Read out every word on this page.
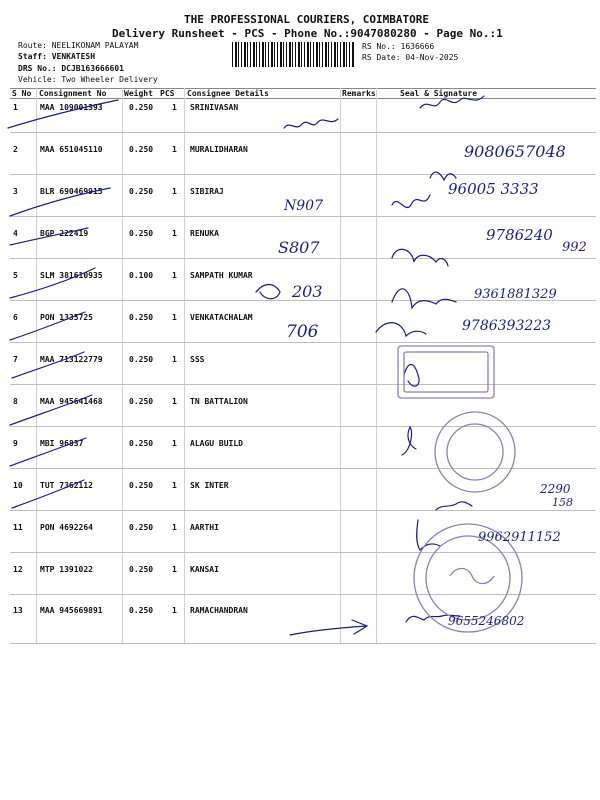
THE PROFESSIONAL COURIERS, COIMBATORE
Delivery Runsheet - PCS - Phone No.:9047080280 - Page No.:1
Route: NEELIKONAM PALAYAM
Staff: VENKATESH
DRS No.: DCJB163666601
Vehicle: Two Wheeler Delivery
RS No.: 1636666
RS Date: 04-Nov-2025
S No Consignment No Weight PCS Consignee Details	Remarks	Seal & Signature
1	MAA 109001393	0.250 1 SRINIVASAN
2	MAA 651045110	0.250 1 MURALIDHARAN
3	BLR 690469915	0.250 1 SIBIRAJ
4	BGP 222419	0.250 1 RENUKA
5	SLM 381610935	0.100 1 SAMPATH KUMAR
6	PON 1335725	0.250 1 VENKATACHALAM
7	MAA 713122779	0.250 1 SSS
8	MAA 945641468	0.250 1 TN BATTALION
9	MBI 96837	0.250 1 ALAGU BUILD
10 TUT 7362112	0.250 1 SK INTER
11 PON 4692264	0.250 1 AARTHI
12 MTP 1391022	0.250 1 KANSAI
13 MAA 945669891	0.250 1 RAMACHANDRAN
9080657048
96005 3333
N907
S807
9786240
992
203	9361881329
706	9786393223
2290
158
9962911152
9655246802
